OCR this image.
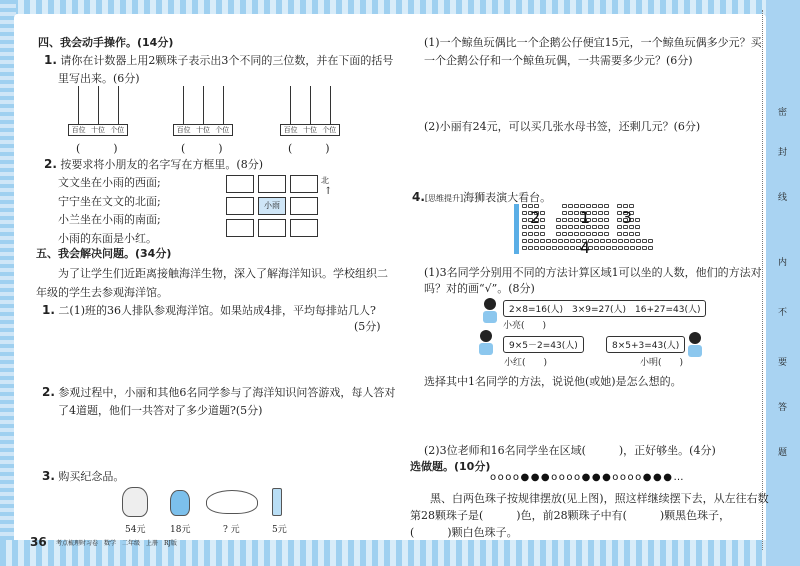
密
封
线
内
不
要
答
题
四、我会动手操作。(14分)
1. 请你在计数器上用2颗珠子表示出3个不同的三位数，并在下面的括号
里写出来。(6分)
百位 十位 个位
(　　　)
百位 十位 个位
(　　　)
百位 十位 个位
(　　　)
2. 按要求将小朋友的名字写在方框里。(8分)
文文坐在小雨的西面;
宁宁坐在文文的北面;
小兰坐在小雨的南面;
小雨的东面是小红。
小雨
北
↑
五、我会解决问题。(34分)
为了让学生们近距离接触海洋生物，深入了解海洋知识。学校组织二
年级的学生去参观海洋馆。
1. 二(1)班的36人排队参观海洋馆。如果站成4排，平均每排站几人?
(5分)
2. 参观过程中，小丽和其他6名同学参与了海洋知识问答游戏，每人答对
了4道题，他们一共答对了多少道题?(5分)
3. 购买纪念品。
54元	18元	? 元	5元
36 考点梳理时习卷　数学　二年级　上册　RJ版
(1)一个鲸鱼玩偶比一个企鹅公仔便宜15元，一个鲸鱼玩偶多少元？买
一个企鹅公仔和一个鲸鱼玩偶，一共需要多少元？(6分)
(2)小丽有24元，可以买几张水母书签，还剩几元？(6分)
4.[思维提升]海狮表演大看台。
1
2	3
4
(1)3名同学分别用不同的方法计算区域1可以坐的人数，他们的方法对
吗？对的画“√”。(8分)
2×8=16(人)　3×9=27(人)　16+27=43(人)
小亮(　　)
9×5－2=43(人)
小红(　　)
8×5+3=43(人)
小明(　　)
选择其中1名同学的方法，说说他(或她)是怎么想的。
(2)3位老师和16名同学坐在区域(　　　)，正好够坐。(4分)
选做题。(10分)
oooo●●●oooo●●●oooo●●●…
黑、白两色珠子按规律摆放(见上图)，照这样继续摆下去，从左往右数
第28颗珠子是(　　　)色，前28颗珠子中有(　　　)颗黑色珠子，
(　　　)颗白色珠子。
